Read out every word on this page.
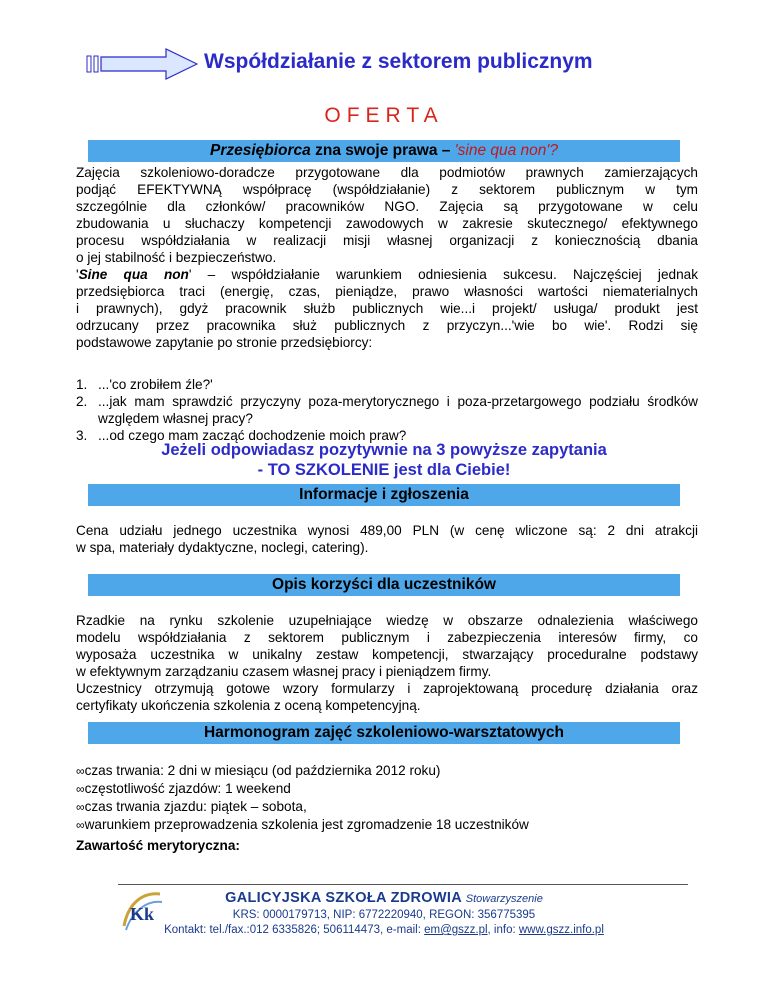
Współdziałanie z sektorem publicznym
OFERTA
Przesiębiorca zna swoje prawa – 'sine qua non'?
Zajęcia szkoleniowo-doradcze przygotowane dla podmiotów prawnych zamierzających
podjąć EFEKTYWNĄ współpracę (współdziałanie) z sektorem publicznym w tym
szczególnie dla członków/ pracowników NGO. Zajęcia są przygotowane w celu
zbudowania u słuchaczy kompetencji zawodowych w zakresie skutecznego/ efektywnego
procesu współdziałania w realizacji misji własnej organizacji z koniecznością dbania
o jej stabilność i bezpieczeństwo.
'Sine qua non' – współdziałanie warunkiem odniesienia sukcesu. Najczęściej jednak
przedsiębiorca traci (energię, czas, pieniądze, prawo własności wartości niematerialnych
i prawnych), gdyż pracownik służb publicznych wie...i projekt/ usługa/ produkt jest
odrzucany przez pracownika służ publicznych z przyczyn...'wie bo wie'. Rodzi się
podstawowe zapytanie po stronie przedsiębiorcy:
1. ...'co zrobiłem źle?'
2. ...jak mam sprawdzić przyczyny poza-merytorycznego i poza-przetargowego podziału środków względem własnej pracy?
3. ...od czego mam zacząć dochodzenie moich praw?
Jeżeli odpowiadasz pozytywnie na 3 powyższe zapytania
- TO SZKOLENIE jest dla Ciebie!
Informacje i zgłoszenia
Cena udziału jednego uczestnika wynosi 489,00 PLN (w cenę wliczone są: 2 dni atrakcji
w spa, materiały dydaktyczne, noclegi, catering).
Opis korzyści dla uczestników
Rzadkie na rynku szkolenie uzupełniające wiedzę w obszarze odnalezienia właściwego
modelu współdziałania z sektorem publicznym i zabezpieczenia interesów firmy, co
wyposaża uczestnika w unikalny zestaw kompetencji, stwarzający proceduralne podstawy
w efektywnym zarządzaniu czasem własnej pracy i pieniądzem firmy.
Uczestnicy otrzymują gotowe wzory formularzy i zaprojektowaną procedurę działania oraz
certyfikaty ukończenia szkolenia z oceną kompetencyjną.
Harmonogram zajęć szkoleniowo-warsztatowych
∞czas trwania: 2 dni w miesiącu (od października 2012 roku)
∞częstotliwość zjazdów: 1 weekend
∞czas trwania zjazdu: piątek – sobota,
∞warunkiem przeprowadzenia szkolenia jest zgromadzenie 18 uczestników
Zawartość merytoryczna:
Kk
GALICYJSKA SZKOŁA ZDROWIA Stowarzyszenie
KRS: 0000179713, NIP: 6772220940, REGON: 356775395
Kontakt: tel./fax.:012 6335826; 506114473, e-mail: em@gszz.pl, info: www.gszz.info.pl
